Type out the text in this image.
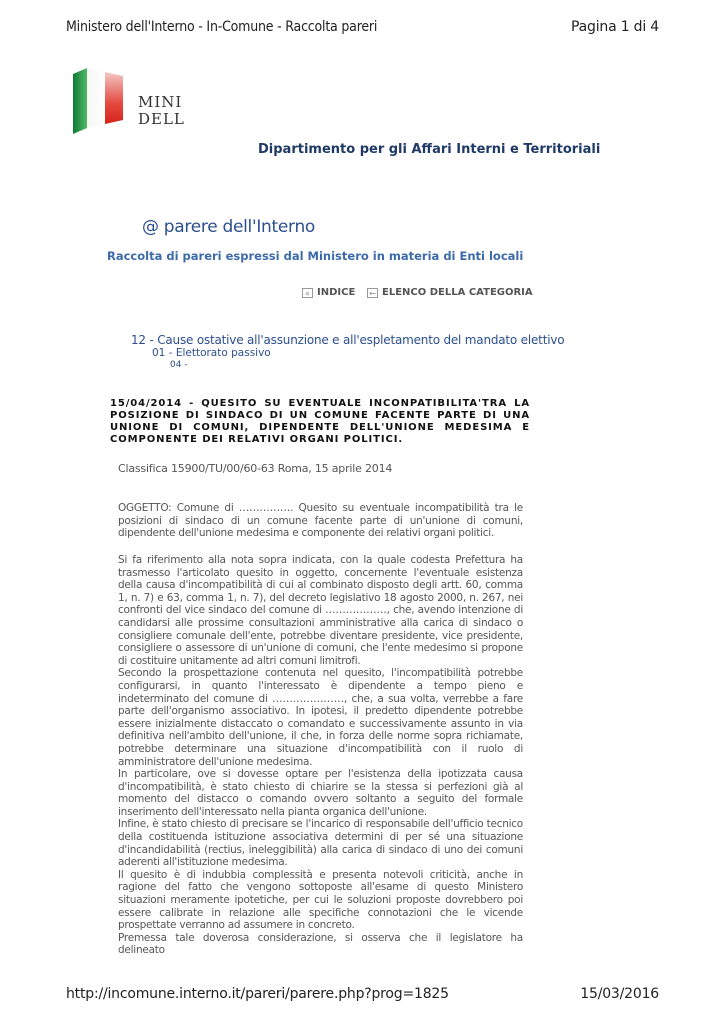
Ministero dell'Interno - In-Comune - Raccolta pareri	Pagina 1 di 4
MINI
DELL
Dipartimento per gli Affari Interni e Territoriali
@ parere dell'Interno
Raccolta di pareri espressi dal Ministero in materia di Enti locali
« INDICE ← ELENCO DELLA CATEGORIA
12 - Cause ostative all'assunzione e all'espletamento del mandato elettivo
01 - Elettorato passivo
04 -
15/04/2014 - QUESITO SU EVENTUALE INCONPATIBILITA'TRA LA POSIZIONE DI SINDACO DI UN COMUNE FACENTE PARTE DI UNA UNIONE DI COMUNI, DIPENDENTE DELL'UNIONE MEDESIMA E COMPONENTE DEI RELATIVI ORGANI POLITICI.
Classifica 15900/TU/00/60-63 Roma, 15 aprile 2014

OGGETTO: Comune di ……………. Quesito su eventuale incompatibilità tra le posizioni di sindaco di un comune facente parte di un'unione di comuni, dipendente dell'unione medesima e componente dei relativi organi politici.

Si fa riferimento alla nota sopra indicata, con la quale codesta Prefettura ha trasmesso l'articolato quesito in oggetto, concernente l'eventuale esistenza della causa d'incompatibilità di cui al combinato disposto degli artt. 60, comma 1, n. 7) e 63, comma 1, n. 7), del decreto legislativo 18 agosto 2000, n. 267, nei confronti del vice sindaco del comune di ………………, che, avendo intenzione di candidarsi alle prossime consultazioni amministrative alla carica di sindaco o consigliere comunale dell'ente, potrebbe diventare presidente, vice presidente, consigliere o assessore di un'unione di comuni, che l'ente medesimo si propone di costituire unitamente ad altri comuni limitrofi.

Secondo la prospettazione contenuta nel quesito, l'incompatibilità potrebbe configurarsi, in quanto l'interessato è dipendente a tempo pieno e indeterminato del comune di …………………, che, a sua volta, verrebbe a fare parte dell'organismo associativo. In ipotesi, il predetto dipendente potrebbe essere inizialmente distaccato o comandato e successivamente assunto in via definitiva nell'ambito dell'unione, il che, in forza delle norme sopra richiamate, potrebbe determinare una situazione d'incompatibilità con il ruolo di amministratore dell'unione medesima.

In particolare, ove si dovesse optare per l'esistenza della ipotizzata causa d'incompatibilità, è stato chiesto di chiarire se la stessa si perfezioni già al momento del distacco o comando ovvero soltanto a seguito del formale inserimento dell'interessato nella pianta organica dell'unione.

Infine, è stato chiesto di precisare se l'incarico di responsabile dell'ufficio tecnico della costituenda istituzione associativa determini di per sé una situazione d'incandidabilità (rectius, ineleggibilità) alla carica di sindaco di uno dei comuni aderenti all'istituzione medesima.

Il quesito è di indubbia complessità e presenta notevoli criticità, anche in ragione del fatto che vengono sottoposte all'esame di questo Ministero situazioni meramente ipotetiche, per cui le soluzioni proposte dovrebbero poi essere calibrate in relazione alle specifiche connotazioni che le vicende prospettate verranno ad assumere in concreto.

Premessa tale doverosa considerazione, si osserva che il legislatore ha delineato

http://incomune.interno.it/pareri/parere.php?prog=1825	15/03/2016
